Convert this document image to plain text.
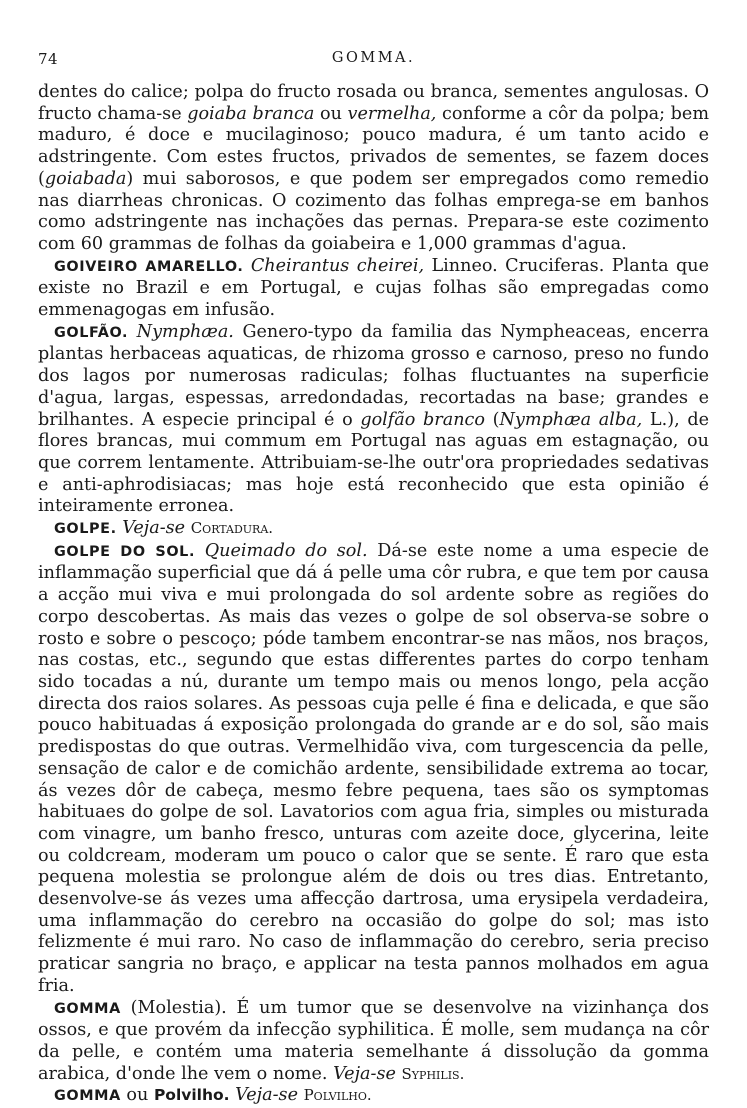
74	GOMMA.

dentes do calice; polpa do fructo rosada ou branca, sementes angulosas. O fructo chama-se goiaba branca ou vermelha, conforme a côr da polpa; bem maduro, é doce e mucilaginoso; pouco madura, é um tanto acido e adstringente. Com estes fructos, privados de sementes, se fazem doces (goiabada) mui saborosos, e que podem ser empregados como remedio nas diarrheas chronicas. O cozimento das folhas emprega-se em banhos como adstringente nas inchações das pernas. Prepara-se este cozimento com 60 grammas de folhas da goiabeira e 1,000 grammas d'agua.

GOIVEIRO AMARELLO. Cheirantus cheirei, Linneo. Cruciferas. Planta que existe no Brazil e em Portugal, e cujas folhas são empregadas como emmenagogas em infusão.

GOLFÃO. Nymphæa. Genero-typo da familia das Nympheaceas, encerra plantas herbaceas aquaticas, de rhizoma grosso e carnoso, preso no fundo dos lagos por numerosas radiculas; folhas fluctuantes na superficie d'agua, largas, espessas, arredondadas, recortadas na base; grandes e brilhantes. A especie principal é o golfão branco (Nymphæa alba, L.), de flores brancas, mui commum em Portugal nas aguas em estagnação, ou que correm lentamente. Attribuiam-se-lhe outr'ora propriedades sedativas e anti-aphrodisiacas; mas hoje está reconhecido que esta opinião é inteiramente erronea.

GOLPE. Veja-se Cortadura.

GOLPE DO SOL. Queimado do sol. Dá-se este nome a uma especie de inflammação superficial que dá á pelle uma côr rubra, e que tem por causa a acção mui viva e mui prolongada do sol ardente sobre as regiões do corpo descobertas. As mais das vezes o golpe de sol observa-se sobre o rosto e sobre o pescoço; póde tambem encontrar-se nas mãos, nos braços, nas costas, etc., segundo que estas differentes partes do corpo tenham sido tocadas a nú, durante um tempo mais ou menos longo, pela acção directa dos raios solares. As pessoas cuja pelle é fina e delicada, e que são pouco habituadas á exposição prolongada do grande ar e do sol, são mais predispostas do que outras. Vermelhidão viva, com turgescencia da pelle, sensação de calor e de comichão ardente, sensibilidade extrema ao tocar, ás vezes dôr de cabeça, mesmo febre pequena, taes são os symptomas habituaes do golpe de sol. Lavatorios com agua fria, simples ou misturada com vinagre, um banho fresco, unturas com azeite doce, glycerina, leite ou coldcream, moderam um pouco o calor que se sente. É raro que esta pequena molestia se prolongue além de dois ou tres dias. Entretanto, desenvolve-se ás vezes uma affecção dartrosa, uma erysipela verdadeira, uma inflammação do cerebro na occasião do golpe do sol; mas isto felizmente é mui raro. No caso de inflammação do cerebro, seria preciso praticar sangria no braço, e applicar na testa pannos molhados em agua fria.

GOMMA (Molestia). É um tumor que se desenvolve na vizinhança dos ossos, e que provém da infecção syphilitica. É molle, sem mudança na côr da pelle, e contém uma materia semelhante á dissolução da gomma arabica, d'onde lhe vem o nome. Veja-se Syphilis.

GOMMA ou Polvilho. Veja-se Polvilho.
